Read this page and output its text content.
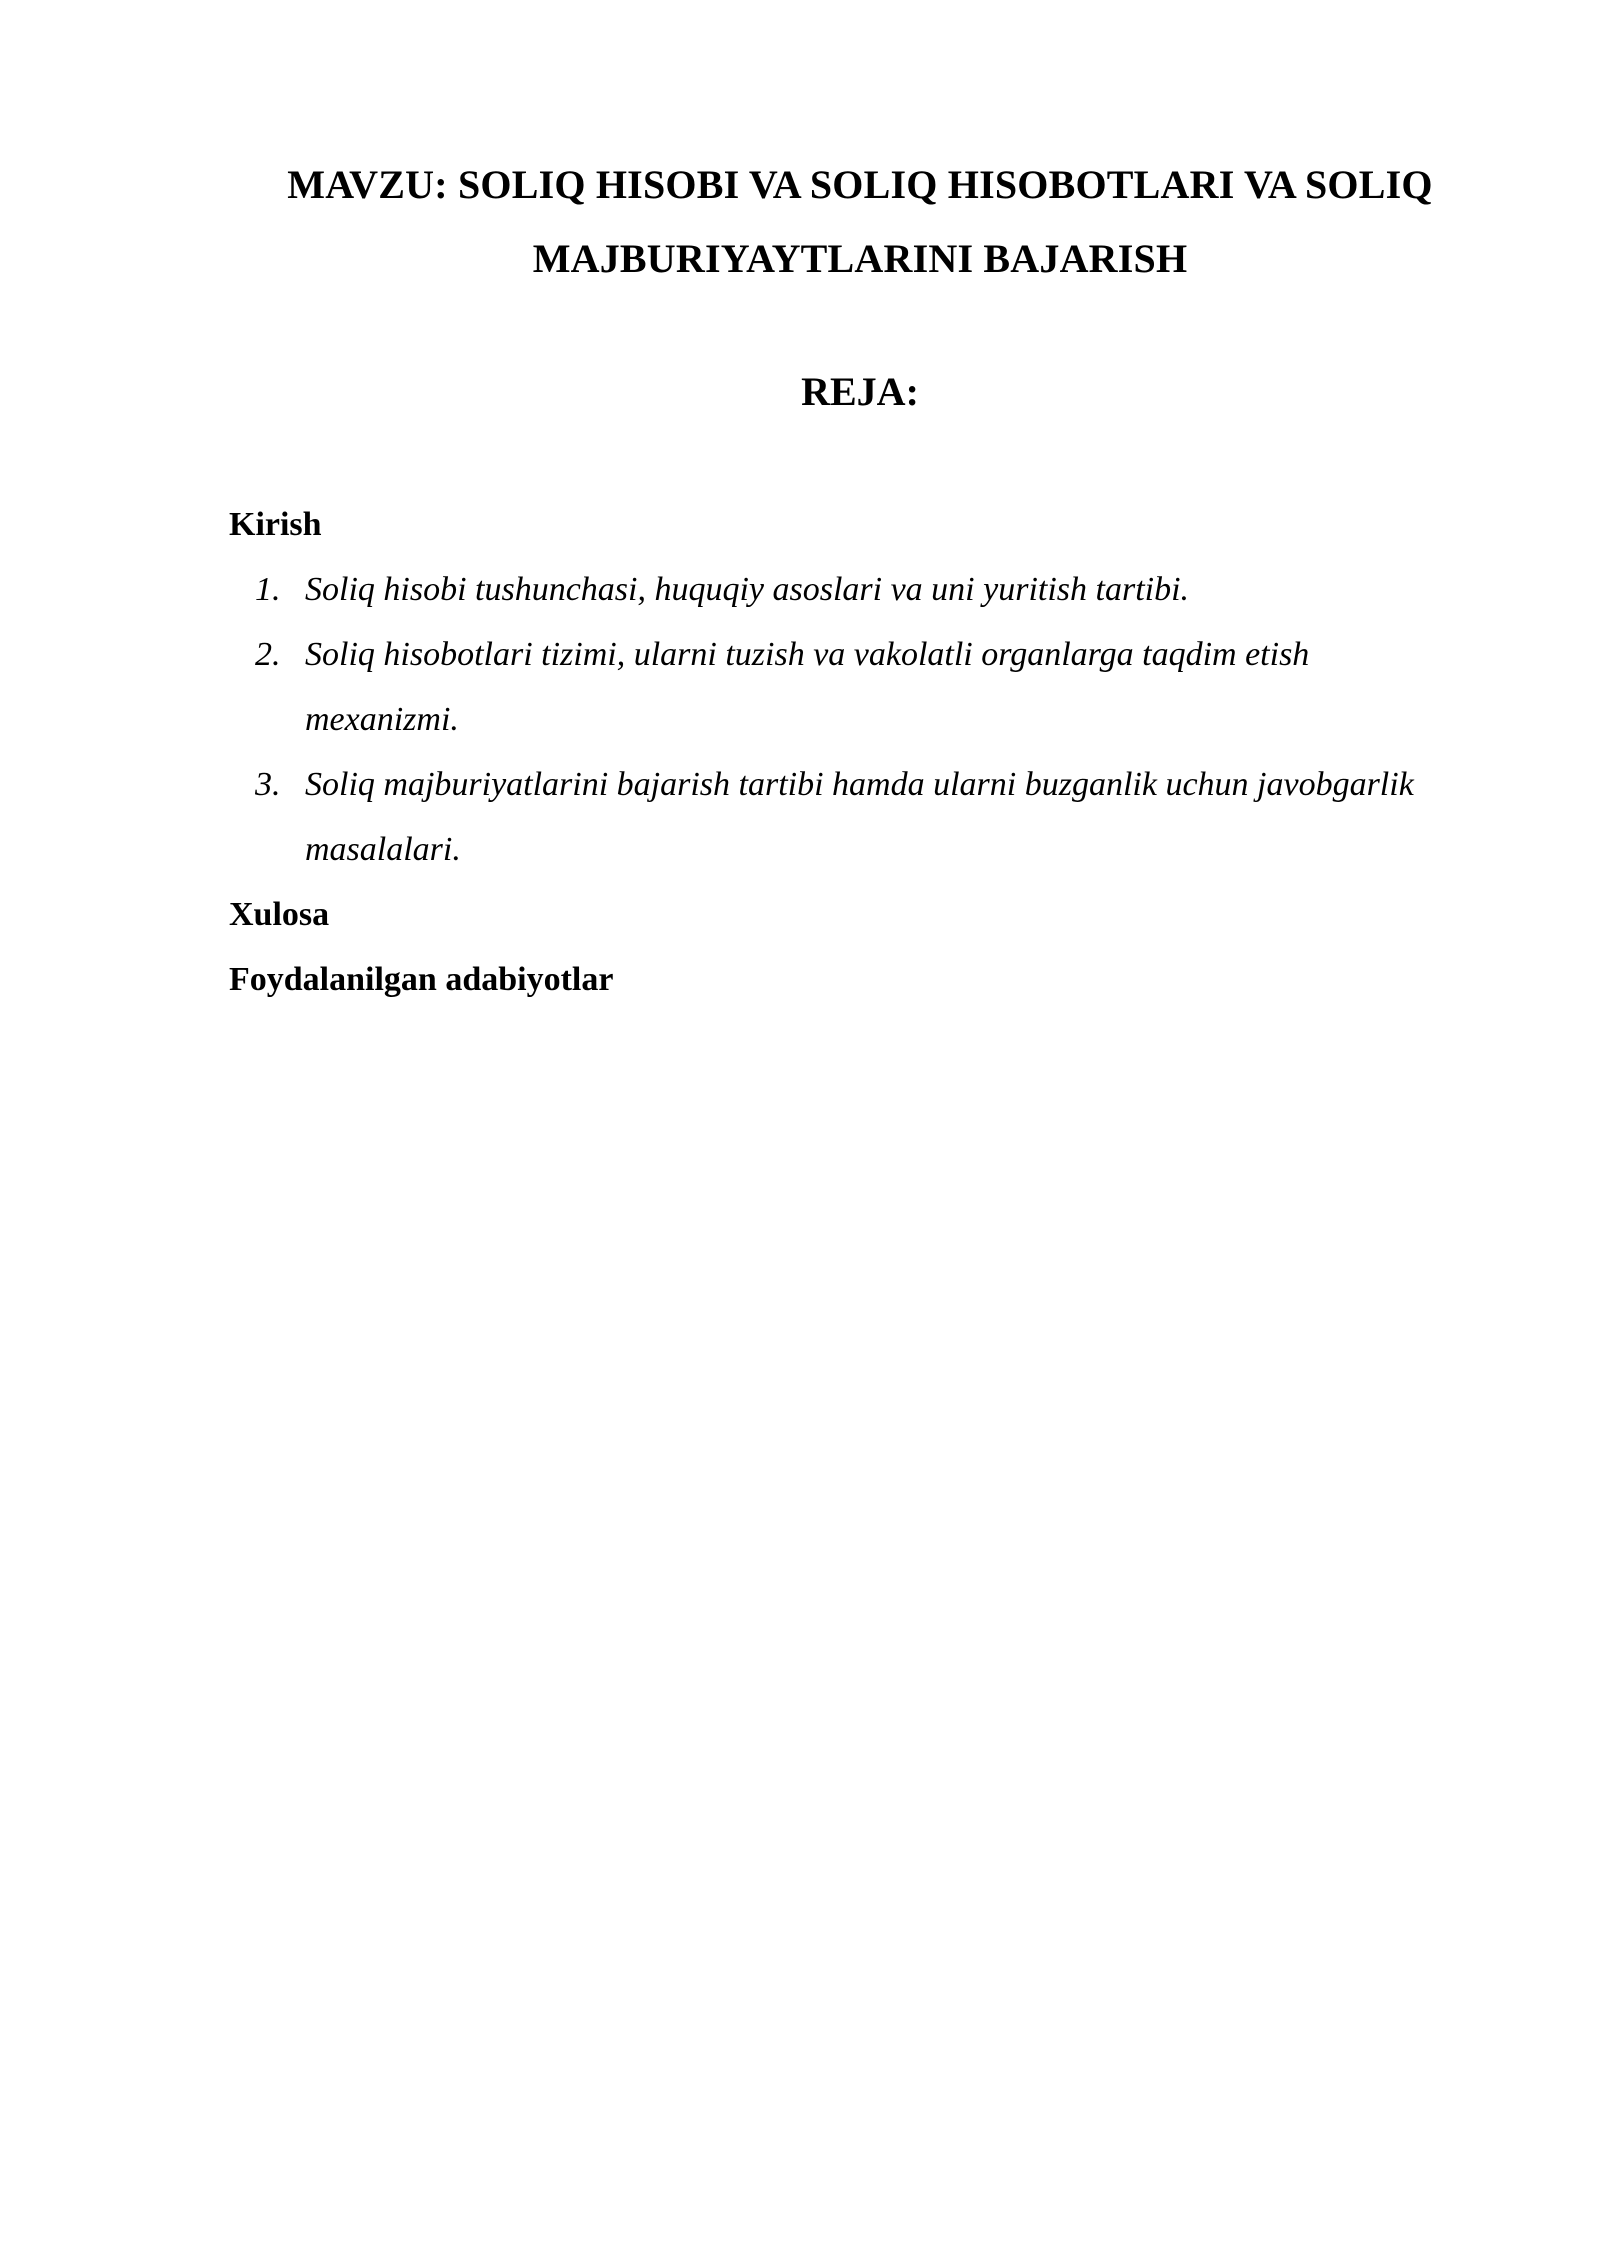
MAVZU: SOLIQ HISOBI VA SOLIQ HISOBOTLARI VA SOLIQ MAJBURIYAYTLARINI BAJARISH
REJA:

Kirish

1. Soliq hisobi tushunchasi, huquqiy asoslari va uni yuritish tartibi.
2. Soliq hisobotlari tizimi, ularni tuzish va vakolatli organlarga taqdim etish mexanizmi.
3. Soliq majburiyatlarini bajarish tartibi hamda ularni buzganlik uchun javobgarlik masalalari.

Xulosa

Foydalanilgan adabiyotlar
